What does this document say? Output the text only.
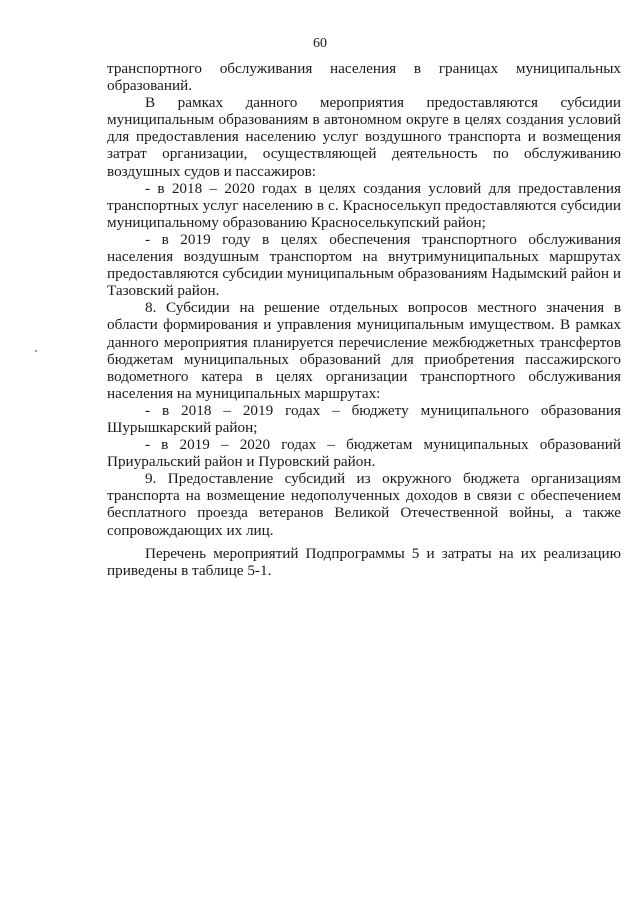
60

транспортного обслуживания населения в границах муниципальных образований.

В рамках данного мероприятия предоставляются субсидии муниципальным образованиям в автономном округе в целях создания условий для предоставления населению услуг воздушного транспорта и возмещения затрат организации, осуществляющей деятельность по обслуживанию воздушных судов и пассажиров:

- в 2018 – 2020 годах в целях создания условий для предоставления транспортных услуг населению в с. Красноселькуп предоставляются субсидии муниципальному образованию Красноселькупский район;

- в 2019 году в целях обеспечения транспортного обслуживания населения воздушным транспортом на внутримуниципальных маршрутах предоставляются субсидии муниципальным образованиям Надымский район и Тазовский район.

8. Субсидии на решение отдельных вопросов местного значения в области формирования и управления муниципальным имуществом. В рамках данного мероприятия планируется перечисление межбюджетных трансфертов бюджетам муниципальных образований для приобретения пассажирского водометного катера в целях организации транспортного обслуживания населения на муниципальных маршрутах:

- в 2018 – 2019 годах – бюджету муниципального образования Шурышкарский район;

- в 2019 – 2020 годах – бюджетам муниципальных образований Приуральский район и Пуровский район.

9. Предоставление субсидий из окружного бюджета организациям транспорта на возмещение недополученных доходов в связи с обеспечением бесплатного проезда ветеранов Великой Отечественной войны, а также сопровождающих их лиц.

Перечень мероприятий Подпрограммы 5 и затраты на их реализацию приведены в таблице 5-1.
